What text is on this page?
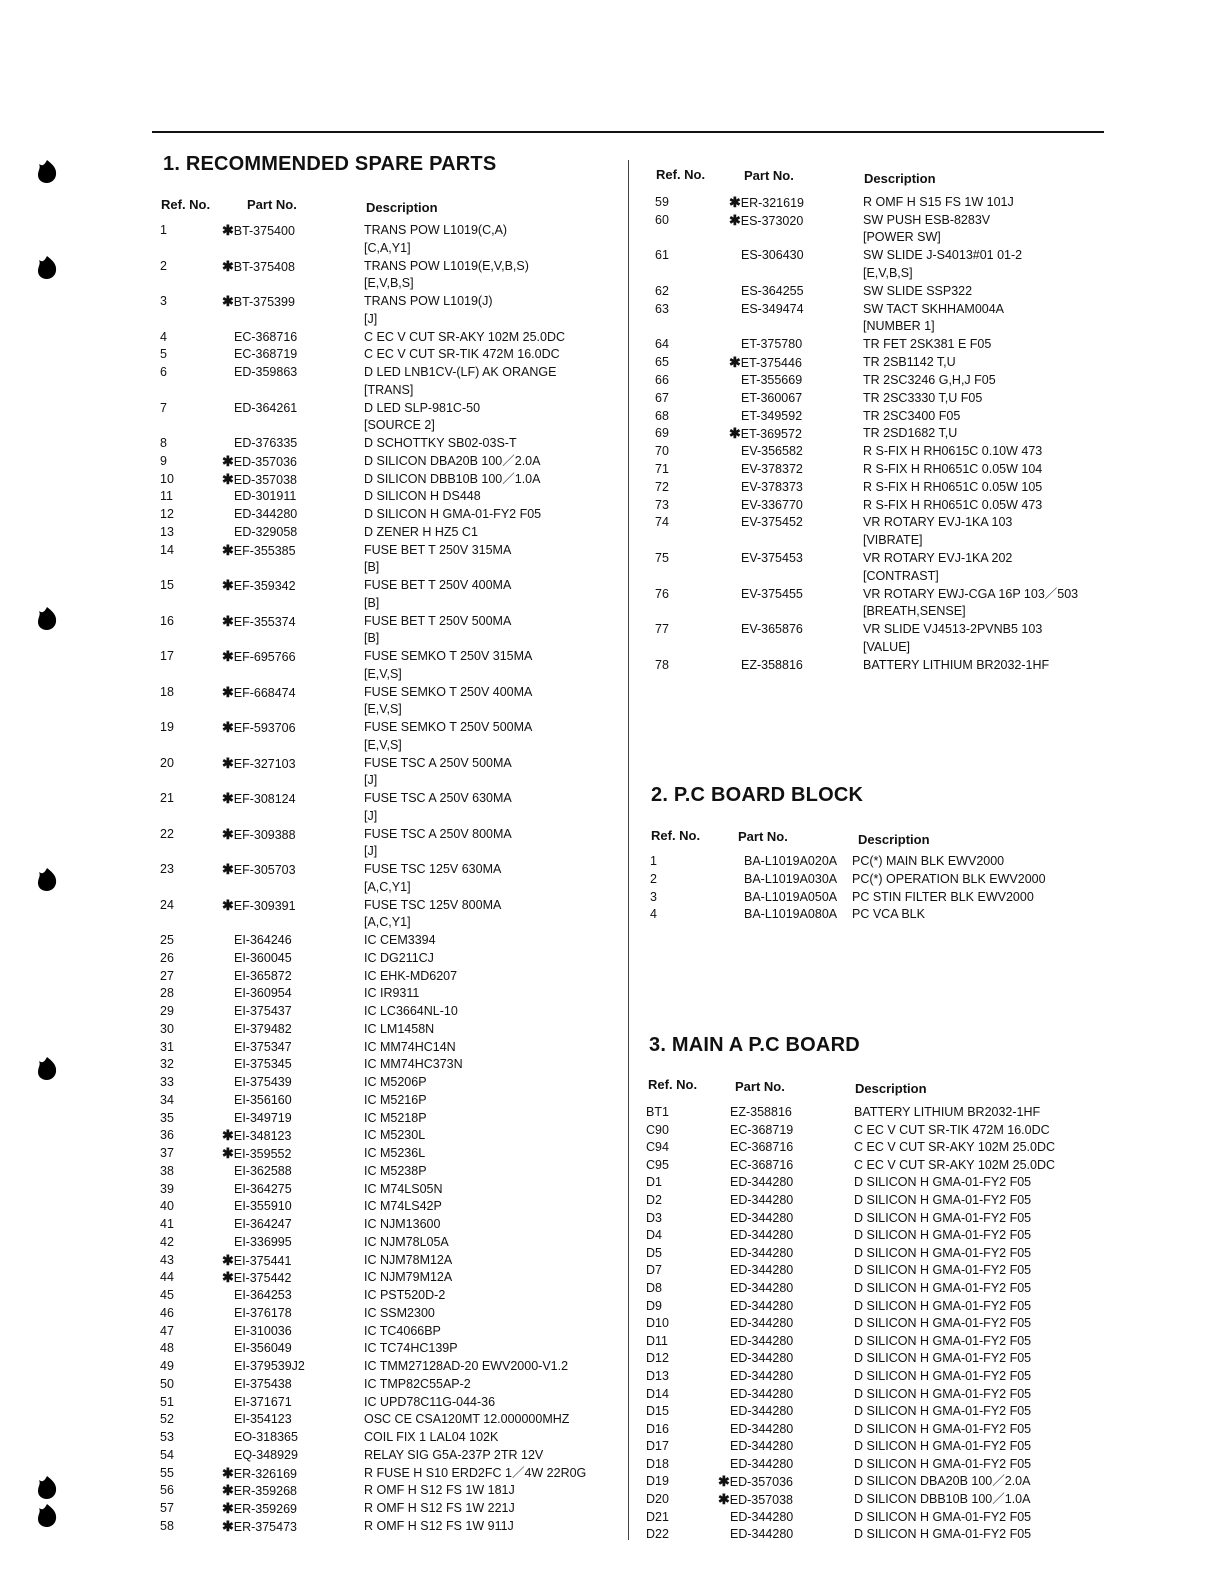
1. RECOMMENDED SPARE PARTS
Ref. No.	Part No.	Description
1	✱BT-375400	TRANS POW L1019(C,A)
[C,A,Y1]
2	✱BT-375408	TRANS POW L1019(E,V,B,S)
[E,V,B,S]
3	✱BT-375399	TRANS POW L1019(J)
[J]
4	EC-368716	C EC V CUT SR-AKY 102M 25.0DC
5	EC-368719	C EC V CUT SR-TIK 472M 16.0DC
6	ED-359863	D LED LNB1CV-(LF) AK ORANGE
[TRANS]
7	ED-364261	D LED SLP-981C-50
[SOURCE 2]
8	ED-376335	D SCHOTTKY SB02-03S-T
9	✱ED-357036	D SILICON DBA20B 100／2.0A
10	✱ED-357038	D SILICON DBB10B 100／1.0A
11	ED-301911	D SILICON H DS448
12	ED-344280	D SILICON H GMA-01-FY2 F05
13	ED-329058	D ZENER H HZ5 C1
14	✱EF-355385	FUSE BET T 250V 315MA
[B]
15	✱EF-359342	FUSE BET T 250V 400MA
[B]
16	✱EF-355374	FUSE BET T 250V 500MA
[B]
17	✱EF-695766	FUSE SEMKO T 250V 315MA
[E,V,S]
18	✱EF-668474	FUSE SEMKO T 250V 400MA
[E,V,S]
19	✱EF-593706	FUSE SEMKO T 250V 500MA
[E,V,S]
20	✱EF-327103	FUSE TSC A 250V 500MA
[J]
21	✱EF-308124	FUSE TSC A 250V 630MA
[J]
22	✱EF-309388	FUSE TSC A 250V 800MA
[J]
23	✱EF-305703	FUSE TSC 125V 630MA
[A,C,Y1]
24	✱EF-309391	FUSE TSC 125V 800MA
[A,C,Y1]
25	EI-364246	IC CEM3394
26	EI-360045	IC DG211CJ
27	EI-365872	IC EHK-MD6207
28	EI-360954	IC IR9311
29	EI-375437	IC LC3664NL-10
30	EI-379482	IC LM1458N
31	EI-375347	IC MM74HC14N
32	EI-375345	IC MM74HC373N
33	EI-375439	IC M5206P
34	EI-356160	IC M5216P
35	EI-349719	IC M5218P
36	✱EI-348123	IC M5230L
37	✱EI-359552	IC M5236L
38	EI-362588	IC M5238P
39	EI-364275	IC M74LS05N
40	EI-355910	IC M74LS42P
41	EI-364247	IC NJM13600
42	EI-336995	IC NJM78L05A
43	✱EI-375441	IC NJM78M12A
44	✱EI-375442	IC NJM79M12A
45	EI-364253	IC PST520D-2
46	EI-376178	IC SSM2300
47	EI-310036	IC TC4066BP
48	EI-356049	IC TC74HC139P
49	EI-379539J2	IC TMM27128AD-20 EWV2000-V1.2
50	EI-375438	IC TMP82C55AP-2
51	EI-371671	IC UPD78C11G-044-36
52	EI-354123	OSC CE CSA120MT 12.000000MHZ
53	EO-318365	COIL FIX 1 LAL04 102K
54	EQ-348929	RELAY SIG G5A-237P 2TR 12V
55	✱ER-326169	R FUSE H S10 ERD2FC 1／4W 22R0G
56	✱ER-359268	R OMF H S12 FS 1W 181J
57	✱ER-359269	R OMF H S12 FS 1W 221J
58	✱ER-375473	R OMF H S12 FS 1W 911J
Ref. No.	Part No.	Description
59	✱ER-321619	R OMF H S15 FS 1W 101J
60	✱ES-373020	SW PUSH ESB-8283V
[POWER SW]
61	ES-306430	SW SLIDE J-S4013#01 01-2
[E,V,B,S]
62	ES-364255	SW SLIDE SSP322
63	ES-349474	SW TACT SKHHAM004A
[NUMBER 1]
64	ET-375780	TR FET 2SK381 E F05
65	✱ET-375446	TR 2SB1142 T,U
66	ET-355669	TR 2SC3246 G,H,J F05
67	ET-360067	TR 2SC3330 T,U F05
68	ET-349592	TR 2SC3400 F05
69	✱ET-369572	TR 2SD1682 T,U
70	EV-356582	R S-FIX H RH0615C 0.10W 473
71	EV-378372	R S-FIX H RH0651C 0.05W 104
72	EV-378373	R S-FIX H RH0651C 0.05W 105
73	EV-336770	R S-FIX H RH0651C 0.05W 473
74	EV-375452	VR ROTARY EVJ-1KA 103
[VIBRATE]
75	EV-375453	VR ROTARY EVJ-1KA 202
[CONTRAST]
76	EV-375455	VR ROTARY EWJ-CGA 16P 103／503
[BREATH,SENSE]
77	EV-365876	VR SLIDE VJ4513-2PVNB5 103
[VALUE]
78	EZ-358816	BATTERY LITHIUM BR2032-1HF
2. P.C BOARD BLOCK
Ref. No.	Part No.	Description
1	BA-L1019A020A PC(*) MAIN BLK EWV2000
2	BA-L1019A030A PC(*) OPERATION BLK EWV2000
3	BA-L1019A050A PC STIN FILTER BLK EWV2000
4	BA-L1019A080A PC VCA BLK
3. MAIN A P.C BOARD
Ref. No.	Part No.	Description
BT1	EZ-358816	BATTERY LITHIUM BR2032-1HF
C90	EC-368719	C EC V CUT SR-TIK 472M 16.0DC
C94	EC-368716	C EC V CUT SR-AKY 102M 25.0DC
C95	EC-368716	C EC V CUT SR-AKY 102M 25.0DC
D1	ED-344280	D SILICON H GMA-01-FY2 F05
D2	ED-344280	D SILICON H GMA-01-FY2 F05
D3	ED-344280	D SILICON H GMA-01-FY2 F05
D4	ED-344280	D SILICON H GMA-01-FY2 F05
D5	ED-344280	D SILICON H GMA-01-FY2 F05
D7	ED-344280	D SILICON H GMA-01-FY2 F05
D8	ED-344280	D SILICON H GMA-01-FY2 F05
D9	ED-344280	D SILICON H GMA-01-FY2 F05
D10	ED-344280	D SILICON H GMA-01-FY2 F05
D11	ED-344280	D SILICON H GMA-01-FY2 F05
D12	ED-344280	D SILICON H GMA-01-FY2 F05
D13	ED-344280	D SILICON H GMA-01-FY2 F05
D14	ED-344280	D SILICON H GMA-01-FY2 F05
D15	ED-344280	D SILICON H GMA-01-FY2 F05
D16	ED-344280	D SILICON H GMA-01-FY2 F05
D17	ED-344280	D SILICON H GMA-01-FY2 F05
D18	ED-344280	D SILICON H GMA-01-FY2 F05
D19	✱ED-357036	D SILICON DBA20B 100／2.0A
D20	✱ED-357038	D SILICON DBB10B 100／1.0A
D21	ED-344280	D SILICON H GMA-01-FY2 F05
D22	ED-344280	D SILICON H GMA-01-FY2 F05
